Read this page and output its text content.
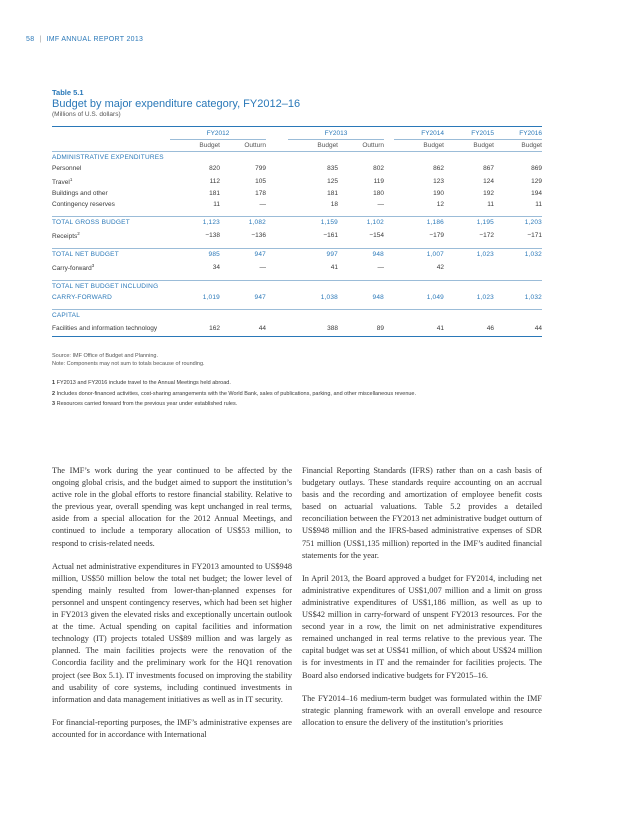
58 | IMF ANNUAL REPORT 2013
Table 5.1
Budget by major expenditure category, FY2012–16
(Millions of U.S. dollars)
	FY2012			FY2013			FY2014	FY2015	FY2016
	Budget	Outturn		Budget	Outturn		Budget	Budget	Budget
ADMINISTRATIVE EXPENDITURES									
Personnel	820	799		835	802		862	867	869
Travel$^1$	112	105		125	119		123	124	129
Buildings and other	181	178		181	180		190	192	194
Contingency reserves	11	—		18	—		12	11	11

TOTAL GROSS BUDGET	1,123	1,082		1,159	1,102		1,186	1,195	1,203
Receipts$^2$	−138	−136		−161	−154		−179	−172	−171

TOTAL NET BUDGET	985	947		997	948		1,007	1,023	1,032
Carry-forward$^3$	34	—		41	—		42		

TOTAL NET BUDGET INCLUDING									
CARRY-FORWARD	1,019	947		1,038	948		1,049	1,023	1,032

CAPITAL									
Facilities and information technology	162	44		388	89		41	46	44
Source: IMF Office of Budget and Planning.
Note: Components may not sum to totals because of rounding.
1 FY2013 and FY2016 include travel to the Annual Meetings held abroad.
2 Includes donor-financed activities, cost-sharing arrangements with the World Bank, sales of publications, parking, and other miscellaneous revenue.
3 Resources carried forward from the previous year under established rules.

The IMF’s work during the year continued to be affected by the ongoing global crisis, and the budget aimed to support the institution’s active role in the global efforts to restore financial stability. Relative to the previous year, overall spending was kept unchanged in real terms, aside from a special allocation for the 2012 Annual Meetings, and continued to include a temporary allocation of US$53 million, to respond to crisis-related needs.

Actual net administrative expenditures in FY2013 amounted to US$948 million, US$50 million below the total net budget; the lower level of spending mainly resulted from lower-than-planned expenses for personnel and unspent contingency reserves, which had been set higher in FY2013 given the elevated risks and exceptionally uncertain outlook at the time. Actual spending on capital facilities and information technology (IT) projects totaled US$89 million and was largely as planned. The main facilities projects were the renovation of the Concordia facility and the preliminary work for the HQ1 renovation project (see Box 5.1). IT investments focused on improving the stability and usability of core systems, including continued investments in information and data management initiatives as well as in IT security.

For financial-reporting purposes, the IMF’s administrative expenses are accounted for in accordance with International

Financial Reporting Standards (IFRS) rather than on a cash basis of budgetary outlays. These standards require accounting on an accrual basis and the recording and amortization of employee benefit costs based on actuarial valuations. Table 5.2 provides a detailed reconciliation between the FY2013 net administrative budget outturn of US$948 million and the IFRS-based administrative expenses of SDR 751 million (US$1,135 million) reported in the IMF’s audited financial statements for the year.

In April 2013, the Board approved a budget for FY2014, including net administrative expenditures of US$1,007 million and a limit on gross administrative expenditures of US$1,186 million, as well as up to US$42 million in carry-forward of unspent FY2013 resources. For the second year in a row, the limit on net administrative expenditures remained unchanged in real terms relative to the previous year. The capital budget was set at US$41 million, of which about US$24 million is for investments in IT and the remainder for facilities projects. The Board also endorsed indicative budgets for FY2015–16.

The FY2014–16 medium-term budget was formulated within the IMF strategic planning framework with an overall envelope and resource allocation to ensure the delivery of the institution’s priorities
